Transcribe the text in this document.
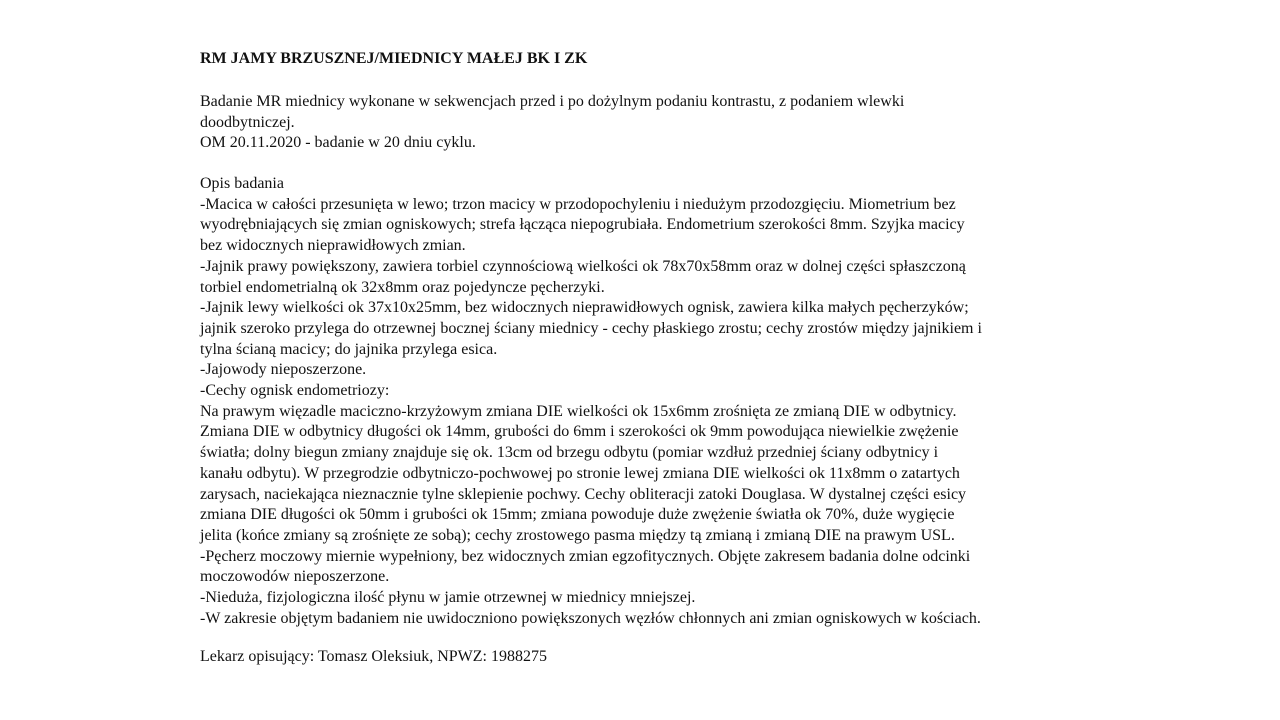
RM JAMY BRZUSZNEJ/MIEDNICY MAŁEJ BK I ZK
Badanie MR miednicy wykonane w sekwencjach przed i po dożylnym podaniu kontrastu, z podaniem wlewki
doodbytniczej.
OM 20.11.2020 - badanie w 20 dniu cyklu.
Opis badania
-Macica w całości przesunięta w lewo; trzon macicy w przodopochyleniu i niedużym przodozgięciu. Miometrium bez
wyodrębniających się zmian ogniskowych; strefa łącząca niepogrubiała. Endometrium szerokości 8mm. Szyjka macicy
bez widocznych nieprawidłowych zmian.
-Jajnik prawy powiększony, zawiera torbiel czynnościową wielkości ok 78x70x58mm oraz w dolnej części spłaszczoną
torbiel endometrialną ok 32x8mm oraz pojedyncze pęcherzyki.
-Jajnik lewy wielkości ok 37x10x25mm, bez widocznych nieprawidłowych ognisk, zawiera kilka małych pęcherzyków;
jajnik szeroko przylega do otrzewnej bocznej ściany miednicy - cechy płaskiego zrostu; cechy zrostów między jajnikiem i
tylna ścianą macicy; do jajnika przylega esica.
-Jajowody nieposzerzone.
-Cechy ognisk endometriozy:
Na prawym więzadle maciczno-krzyżowym zmiana DIE wielkości ok 15x6mm zrośnięta ze zmianą DIE w odbytnicy.
Zmiana DIE w odbytnicy długości ok 14mm, grubości do 6mm i szerokości ok 9mm powodująca niewielkie zwężenie
światła; dolny biegun zmiany znajduje się ok. 13cm od brzegu odbytu (pomiar wzdłuż przedniej ściany odbytnicy i
kanału odbytu). W przegrodzie odbytniczo-pochwowej po stronie lewej zmiana DIE wielkości ok 11x8mm o zatartych
zarysach, naciekająca nieznacznie tylne sklepienie pochwy. Cechy obliteracji zatoki Douglasa. W dystalnej części esicy
zmiana DIE długości ok 50mm i grubości ok 15mm; zmiana powoduje duże zwężenie światła ok 70%, duże wygięcie
jelita (końce zmiany są zrośnięte ze sobą); cechy zrostowego pasma między tą zmianą i zmianą DIE na prawym USL.
-Pęcherz moczowy miernie wypełniony, bez widocznych zmian egzofitycznych. Objęte zakresem badania dolne odcinki
moczowodów nieposzerzone.
-Niedużа, fizjologiczna ilość płynu w jamie otrzewnej w miednicy mniejszej.
-W zakresie objętym badaniem nie uwidoczniono powiększonych węzłów chłonnych ani zmian ogniskowych w kościach.
Lekarz opisujący: Tomasz Oleksiuk, NPWZ: 1988275
